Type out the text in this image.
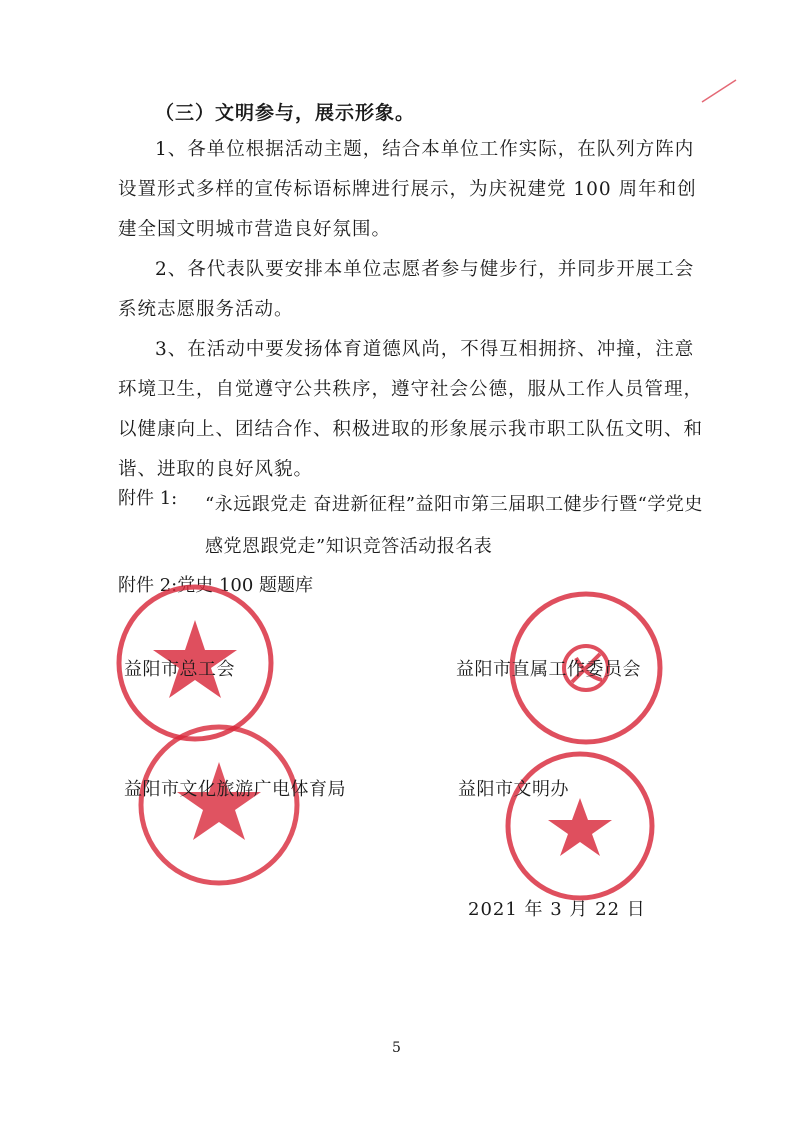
（三）文明参与，展示形象。
1、各单位根据活动主题，结合本单位工作实际，在队列方阵内设置形式多样的宣传标语标牌进行展示，为庆祝建党 100 周年和创建全国文明城市营造良好氛围。
2、各代表队要安排本单位志愿者参与健步行，并同步开展工会系统志愿服务活动。
3、在活动中要发扬体育道德风尚，不得互相拥挤、冲撞，注意环境卫生，自觉遵守公共秩序，遵守社会公德，服从工作人员管理，以健康向上、团结合作、积极进取的形象展示我市职工队伍文明、和谐、进取的良好风貌。
附件 1: “永远跟党走 奋进新征程”益阳市第三届职工健步行暨“学党史感党恩跟党走”知识竞答活动报名表
附件 2:党史 100 题题库
益阳市总工会	益阳市直属工作委员会
益阳市文化旅游广电体育局	益阳市文明办
2021 年 3 月 22 日
5
